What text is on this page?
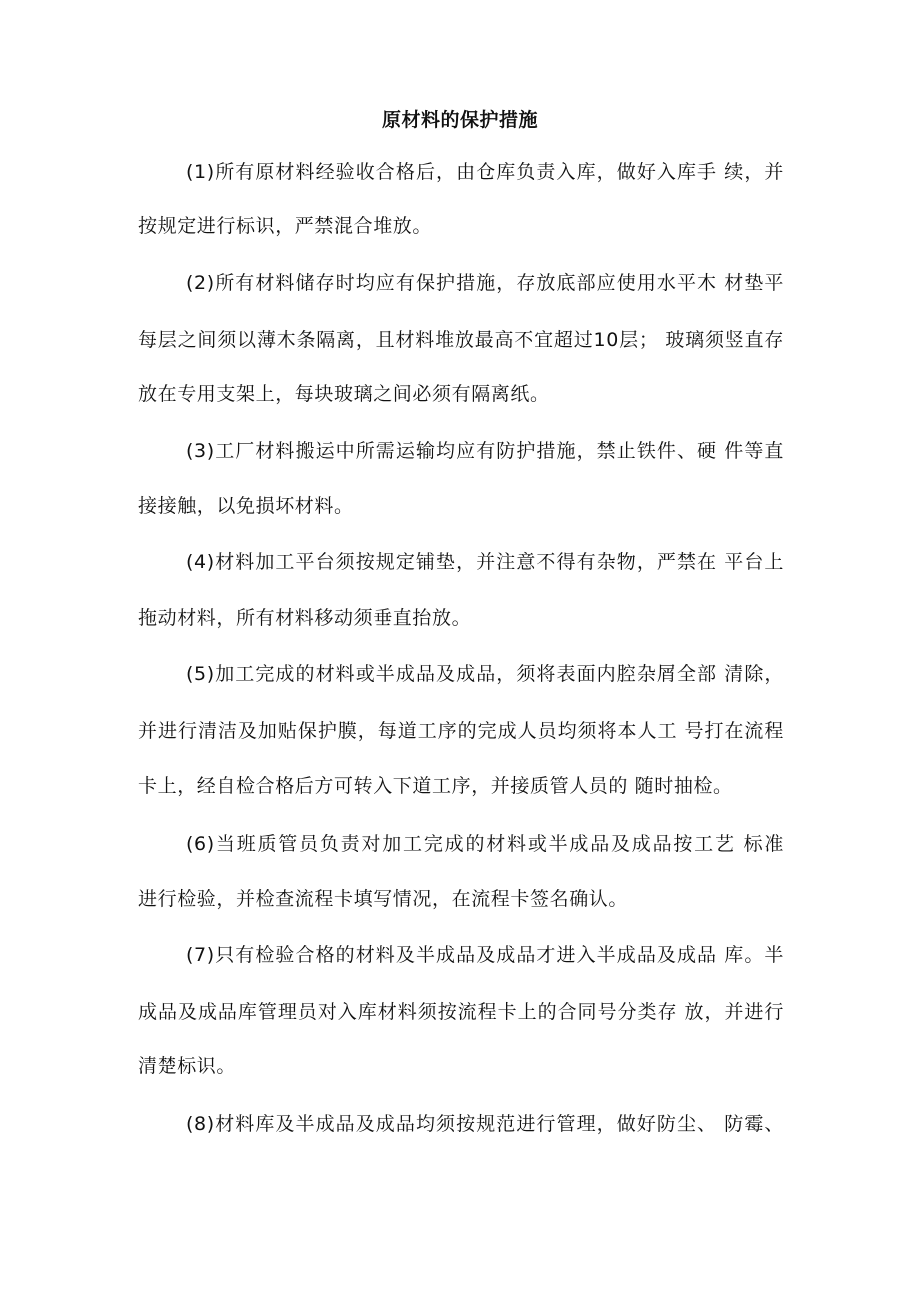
原材料的保护措施
(1)所有原材料经验收合格后，由仓库负责入库，做好入库手 续，并
按规定进行标识，严禁混合堆放。
(2)所有材料储存时均应有保护措施，存放底部应使用水平木 材垫平
每层之间须以薄木条隔离，且材料堆放最高不宜超过10层； 玻璃须竖直存
放在专用支架上，每块玻璃之间必须有隔离纸。
(3)工厂材料搬运中所需运输均应有防护措施，禁止铁件、硬 件等直
接接触，以免损坏材料。
(4)材料加工平台须按规定铺垫，并注意不得有杂物，严禁在 平台上
拖动材料，所有材料移动须垂直抬放。
(5)加工完成的材料或半成品及成品，须将表面内腔杂屑全部 清除，
并进行清洁及加贴保护膜，每道工序的完成人员均须将本人工 号打在流程
卡上，经自检合格后方可转入下道工序，并接质管人员的 随时抽检。
(6)当班质管员负责对加工完成的材料或半成品及成品按工艺 标准
进行检验，并检查流程卡填写情况，在流程卡签名确认。
(7)只有检验合格的材料及半成品及成品才进入半成品及成品 库。半
成品及成品库管理员对入库材料须按流程卡上的合同号分类存 放，并进行
清楚标识。
(8)材料库及半成品及成品均须按规范进行管理，做好防尘、 防霉、
